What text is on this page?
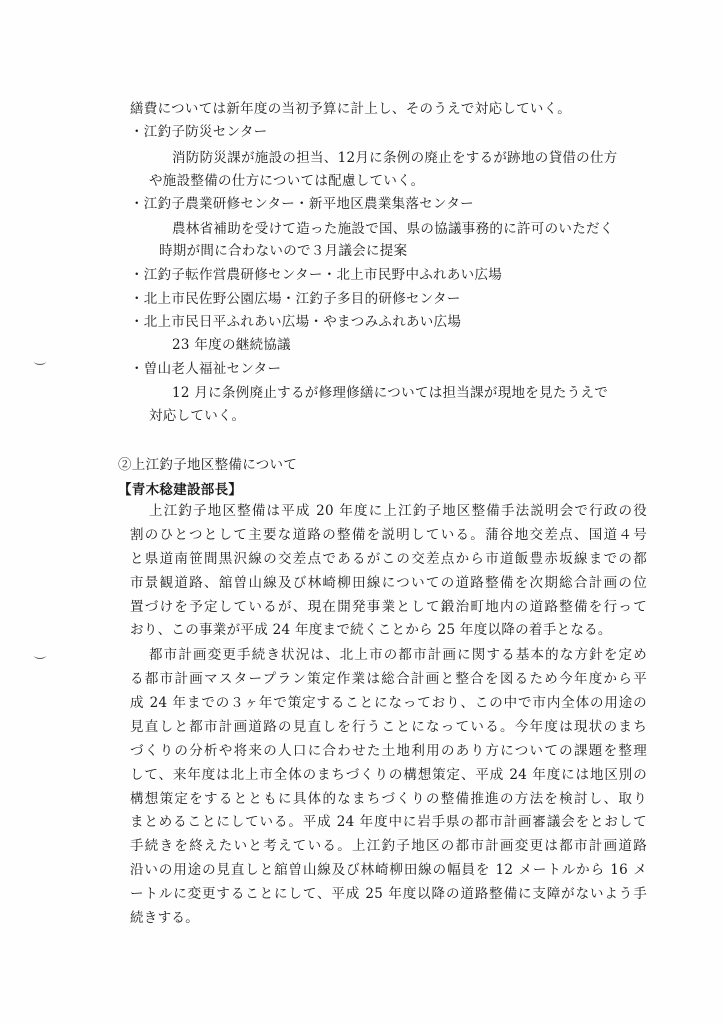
繕費については新年度の当初予算に計上し、そのうえで対応していく。
・江釣子防災センター
消防防災課が施設の担当、12月に条例の廃止をするが跡地の貸借の仕方
や施設整備の仕方については配慮していく。
・江釣子農業研修センター・新平地区農業集落センター
農林省補助を受けて造った施設で国、県の協議事務的に許可のいただく
時期が間に合わないので３月議会に提案
・江釣子転作営農研修センター・北上市民野中ふれあい広場
・北上市民佐野公園広場・江釣子多目的研修センター
・北上市民日平ふれあい広場・やまつみふれあい広場
23 年度の継続協議
・曽山老人福祉センター
12 月に条例廃止するが修理修繕については担当課が現地を見たうえで
対応していく。
②上江釣子地区整備について
【青木稔建設部長】
上江釣子地区整備は平成 20 年度に上江釣子地区整備手法説明会で行政の役
割のひとつとして主要な道路の整備を説明している。蒲谷地交差点、国道４号
と県道南笹間黒沢線の交差点であるがこの交差点から市道飯豊赤坂線までの都
市景観道路、舘曽山線及び林崎柳田線についての道路整備を次期総合計画の位
置づけを予定しているが、現在開発事業として鍛治町地内の道路整備を行って
おり、この事業が平成 24 年度まで続くことから 25 年度以降の着手となる。
都市計画変更手続き状況は、北上市の都市計画に関する基本的な方針を定め
る都市計画マスタープラン策定作業は総合計画と整合を図るため今年度から平
成 24 年までの３ヶ年で策定することになっており、この中で市内全体の用途の
見直しと都市計画道路の見直しを行うことになっている。今年度は現状のまち
づくりの分析や将来の人口に合わせた土地利用のあり方についての課題を整理
して、来年度は北上市全体のまちづくりの構想策定、平成 24 年度には地区別の
構想策定をするとともに具体的なまちづくりの整備推進の方法を検討し、取り
まとめることにしている。平成 24 年度中に岩手県の都市計画審議会をとおして
手続きを終えたいと考えている。上江釣子地区の都市計画変更は都市計画道路
沿いの用途の見直しと舘曽山線及び林崎柳田線の幅員を 12 メートルから 16 メ
ートルに変更することにして、平成 25 年度以降の道路整備に支障がないよう手
続きする。
